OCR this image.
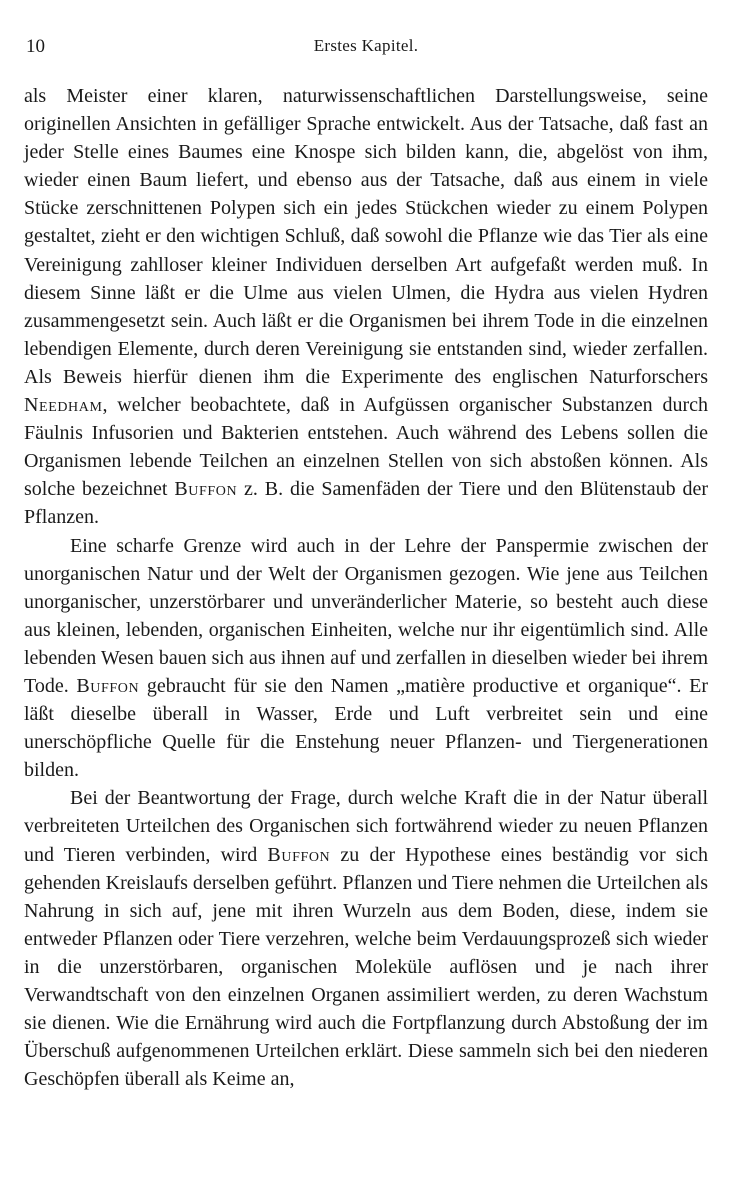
10	Erstes Kapitel.

als Meister einer klaren, naturwissenschaftlichen Darstellungsweise, seine originellen Ansichten in gefälliger Sprache entwickelt. Aus der Tatsache, daß fast an jeder Stelle eines Baumes eine Knospe sich bilden kann, die, abgelöst von ihm, wieder einen Baum liefert, und ebenso aus der Tatsache, daß aus einem in viele Stücke zerschnittenen Polypen sich ein jedes Stückchen wieder zu einem Polypen gestaltet, zieht er den wichtigen Schluß, daß sowohl die Pflanze wie das Tier als eine Vereinigung zahlloser kleiner Individuen derselben Art aufgefaßt werden muß. In diesem Sinne läßt er die Ulme aus vielen Ulmen, die Hydra aus vielen Hydren zusammengesetzt sein. Auch läßt er die Organismen bei ihrem Tode in die einzelnen lebendigen Elemente, durch deren Vereinigung sie entstanden sind, wieder zerfallen. Als Beweis hierfür dienen ihm die Experimente des englischen Naturforschers Needham, welcher beobachtete, daß in Aufgüssen organischer Substanzen durch Fäulnis Infusorien und Bakterien entstehen. Auch während des Lebens sollen die Organismen lebende Teilchen an einzelnen Stellen von sich abstoßen können. Als solche bezeichnet Buffon z. B. die Samenfäden der Tiere und den Blütenstaub der Pflanzen.

Eine scharfe Grenze wird auch in der Lehre der Panspermie zwischen der unorganischen Natur und der Welt der Organismen gezogen. Wie jene aus Teilchen unorganischer, unzerstörbarer und unveränderlicher Materie, so besteht auch diese aus kleinen, lebenden, organischen Einheiten, welche nur ihr eigentümlich sind. Alle lebenden Wesen bauen sich aus ihnen auf und zerfallen in dieselben wieder bei ihrem Tode. Buffon gebraucht für sie den Namen „matière productive et organique“. Er läßt dieselbe überall in Wasser, Erde und Luft verbreitet sein und eine unerschöpfliche Quelle für die Enstehung neuer Pflanzen- und Tiergenerationen bilden.

Bei der Beantwortung der Frage, durch welche Kraft die in der Natur überall verbreiteten Urteilchen des Organischen sich fortwährend wieder zu neuen Pflanzen und Tieren verbinden, wird Buffon zu der Hypothese eines beständig vor sich gehenden Kreislaufs derselben geführt. Pflanzen und Tiere nehmen die Urteilchen als Nahrung in sich auf, jene mit ihren Wurzeln aus dem Boden, diese, indem sie entweder Pflanzen oder Tiere verzehren, welche beim Verdauungsprozeß sich wieder in die unzerstörbaren, organischen Moleküle auflösen und je nach ihrer Verwandtschaft von den einzelnen Organen assimiliert werden, zu deren Wachstum sie dienen. Wie die Ernährung wird auch die Fortpflanzung durch Abstoßung der im Überschuß aufgenommenen Urteilchen erklärt. Diese sammeln sich bei den niederen Geschöpfen überall als Keime an,
